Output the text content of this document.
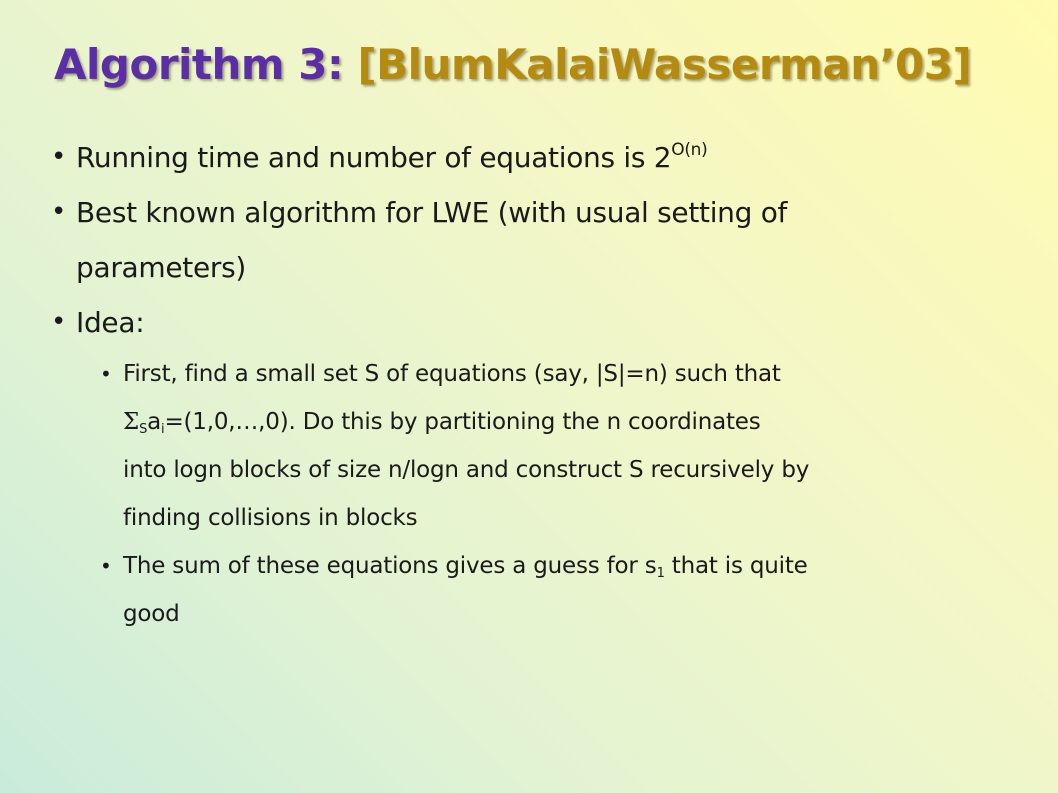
Algorithm 3: [BlumKalaiWasserman’03]
• Running time and number of equations is $2^{O(n)}$
• Best known algorithm for LWE (with usual setting of
parameters)
• Idea:
• First, find a small set S of equations (say, |S|=n) such that
$\Sigma_Sa_i=(1,0,\dots,0)$. Do this by partitioning the n coordinates
into logn blocks of size n/logn and construct S recursively by
finding collisions in blocks
• The sum of these equations gives a guess for $s_1$ that is quite
good
